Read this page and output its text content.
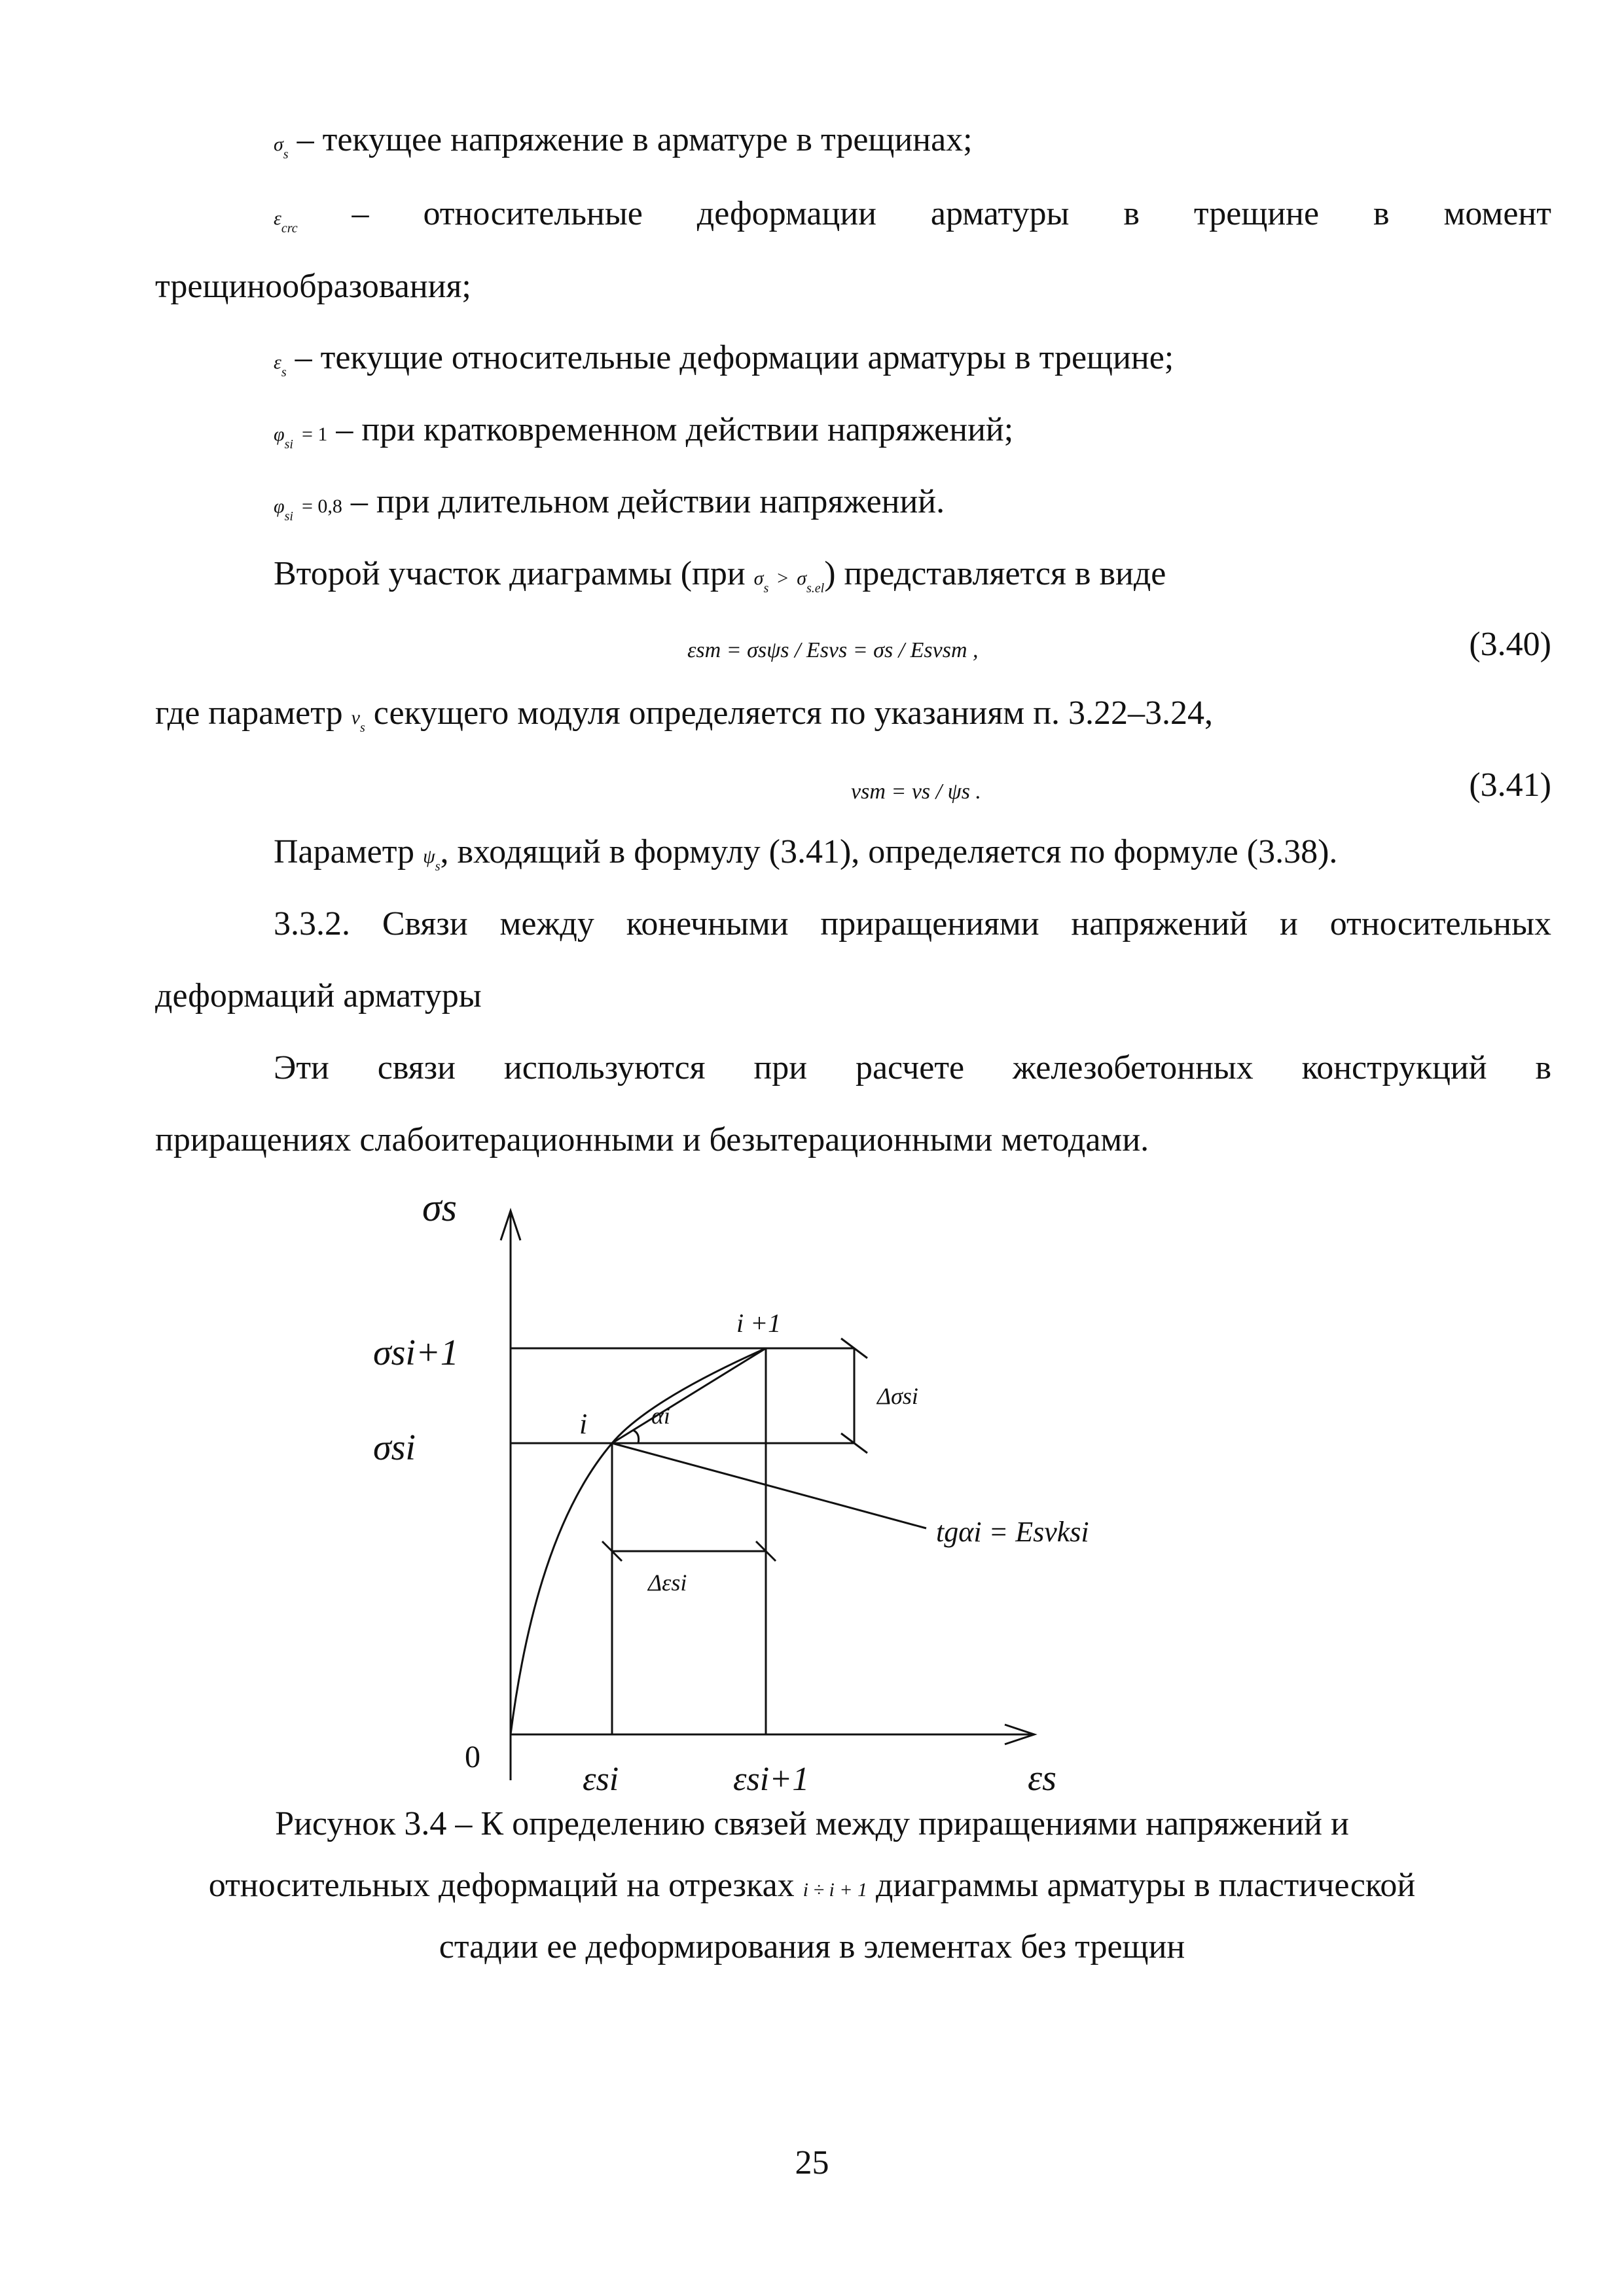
$\sigma_s$ – текущее напряжение в арматуре в трещинах;
$\varepsilon_{crc}$ – относительные деформации арматуры в трещине в момент
трещинообразования;
$\varepsilon_s$ – текущие относительные деформации арматуры в трещине;
$\varphi_{si} = 1$ – при кратковременном действии напряжений;
$\varphi_{si} = 0,8$ – при длительном действии напряжений.
Второй участок диаграммы (при $\sigma_s > \sigma_{s.el}$) представляется в виде
εsm = σsψs / Esνs = σs / Esνsm ,	(3.40)
где параметр $\nu_s$ секущего модуля определяется по указаниям п. 3.22–3.24,
νsm = νs / ψs .	(3.41)
Параметр $\psi_s$, входящий в формулу (3.41), определяется по формуле (3.38).
3.3.2. Связи между конечными приращениями напряжений и относительных
деформаций арматуры
Эти связи используются при расчете железобетонных конструкций в
приращениях слабоитерационными и безытерационными методами.
σs
σsi+1
σsi
0
i
i +1
αi
Δσsi
Δεsi
tgαi = Esνksi
εsi	εsi+1	εs
Рисунок 3.4 – К определению связей между приращениями напряжений и
относительных деформаций на отрезках i ÷ i + 1 диаграммы арматуры в пластической
стадии ее деформирования в элементах без трещин
25
